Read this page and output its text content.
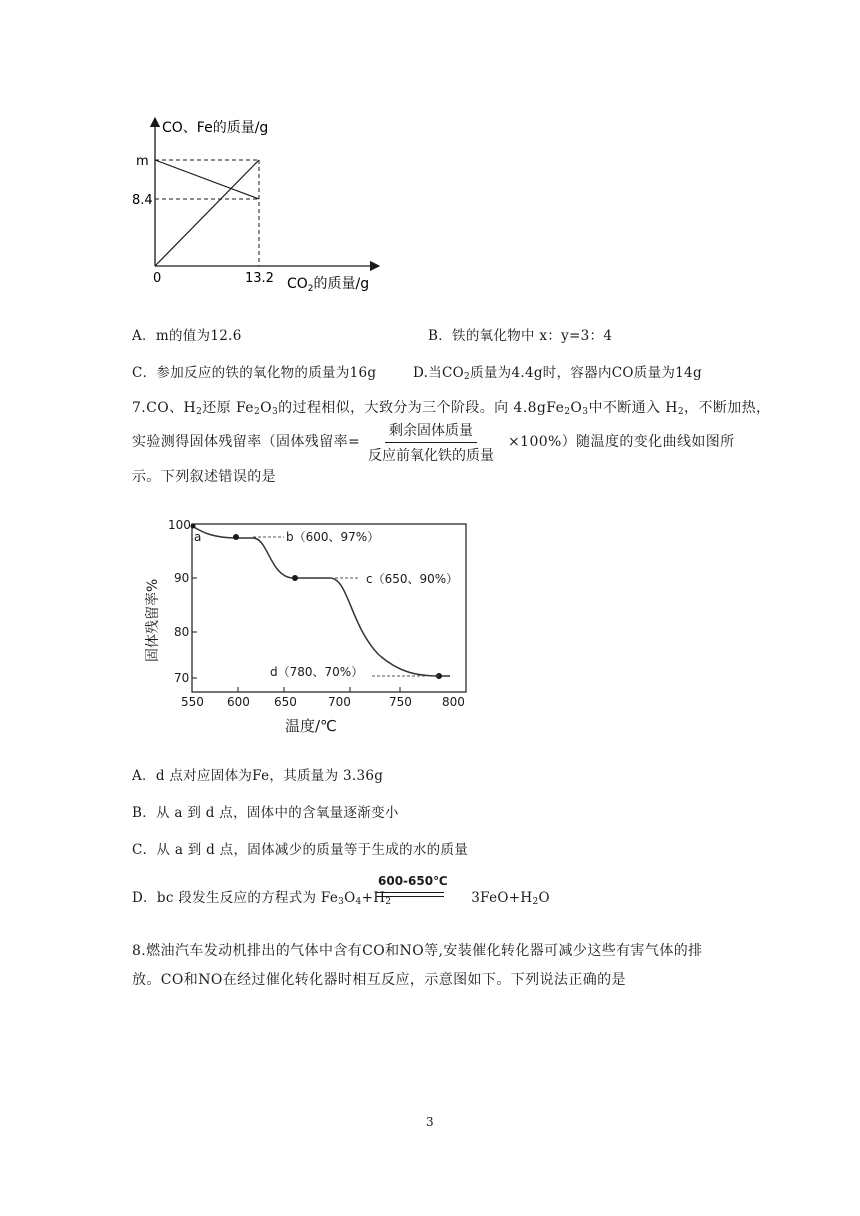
CO、Fe的质量/g
m
8.4
0	13.2 $CO_2$的质量/g
A．m的值为12.6	B．铁的氧化物中 x：y=3：4
C．参加反应的铁的氧化物的质量为16g	D.当$CO_2$质量为4.4g时，容器内CO质量为14g
7.CO、$H_2$还原 $Fe_2O_3$的过程相似，大致分为三个阶段。向 $4.8gFe_2O_3$中不断通入 $H_2$，不断加热，
实验测得固体残留率（固体残留率=
剩余固体质量
反应前氧化铁的质量
×100%）随温度的变化曲线如图所
示。下列叙述错误的是
a	b（600、97%）
c（650、90%）
d（780、70%）
100
90
80
70
550 600 650	700	750	800
温度/℃
固体残留率%
A．d 点对应固体为Fe，其质量为 3.36g
B．从 a 到 d 点，固体中的含氧量逐渐变小
C．从 a 到 d 点，固体减少的质量等于生成的水的质量
D．bc 段发生反应的方程式为 $Fe_3O_4+H_2$	$3FeO+H_2O$
600-650℃
8.燃油汽车发动机排出的气体中含有CO和NO等,安装催化转化器可减少这些有害气体的排
放。CO和NO在经过催化转化器时相互反应，示意图如下。下列说法正确的是
3
